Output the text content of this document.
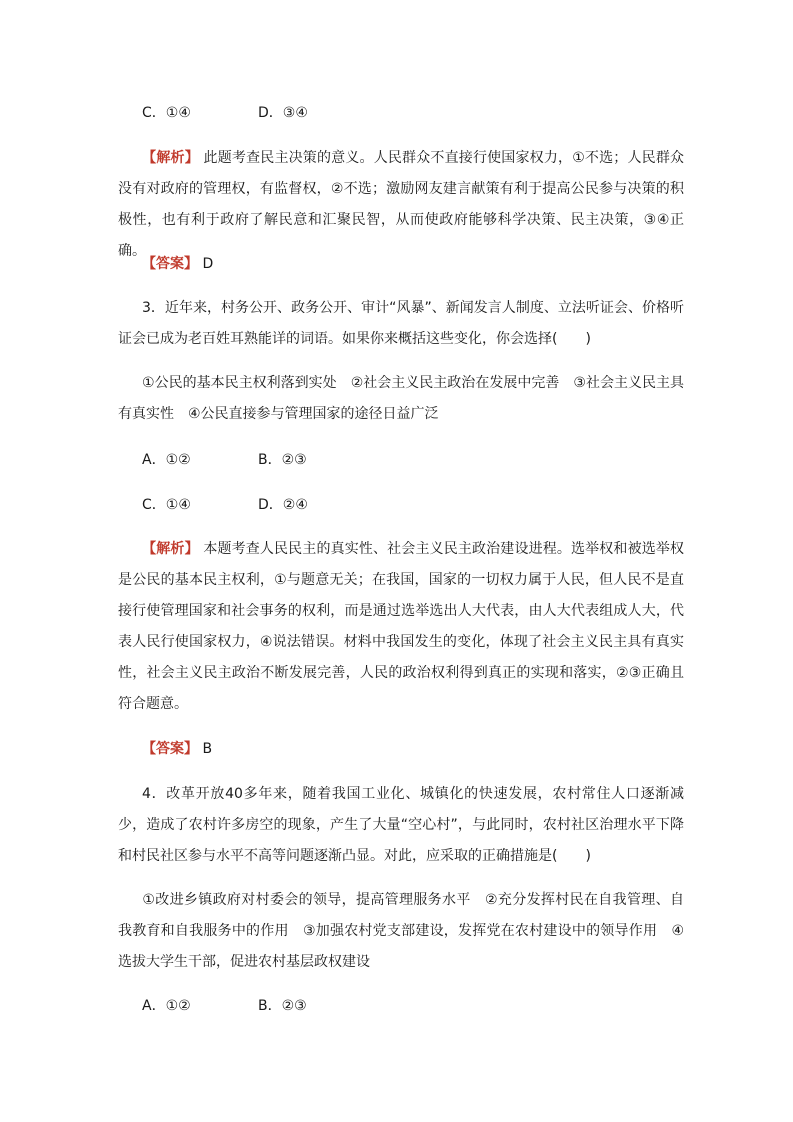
C．①④	D．③④
【解析】 此题考查民主决策的意义。人民群众不直接行使国家权力，①不选；人民群众没有对政府的管理权，有监督权，②不选；激励网友建言献策有利于提高公民参与决策的积极性，也有利于政府了解民意和汇聚民智，从而使政府能够科学决策、民主决策，③④正确。
【答案】 D
3．近年来，村务公开、政务公开、审计“风暴”、新闻发言人制度、立法听证会、价格听证会已成为老百姓耳熟能详的词语。如果你来概括这些变化，你会选择(　　)
①公民的基本民主权利落到实处　②社会主义民主政治在发展中完善　③社会主义民主具有真实性　④公民直接参与管理国家的途径日益广泛
A．①②	B．②③
C．①④	D．②④
【解析】 本题考查人民民主的真实性、社会主义民主政治建设进程。选举权和被选举权是公民的基本民主权利，①与题意无关；在我国，国家的一切权力属于人民，但人民不是直接行使管理国家和社会事务的权利，而是通过选举选出人大代表，由人大代表组成人大，代表人民行使国家权力，④说法错误。材料中我国发生的变化，体现了社会主义民主具有真实性，社会主义民主政治不断发展完善，人民的政治权利得到真正的实现和落实，②③正确且符合题意。
【答案】 B
4．改革开放40多年来，随着我国工业化、城镇化的快速发展，农村常住人口逐渐减少，造成了农村许多房空的现象，产生了大量“空心村”，与此同时，农村社区治理水平下降和村民社区参与水平不高等问题逐渐凸显。对此，应采取的正确措施是(　　)
①改进乡镇政府对村委会的领导，提高管理服务水平　②充分发挥村民在自我管理、自我教育和自我服务中的作用　③加强农村党支部建设，发挥党在农村建设中的领导作用　④选拔大学生干部，促进农村基层政权建设
A．①②	B．②③
